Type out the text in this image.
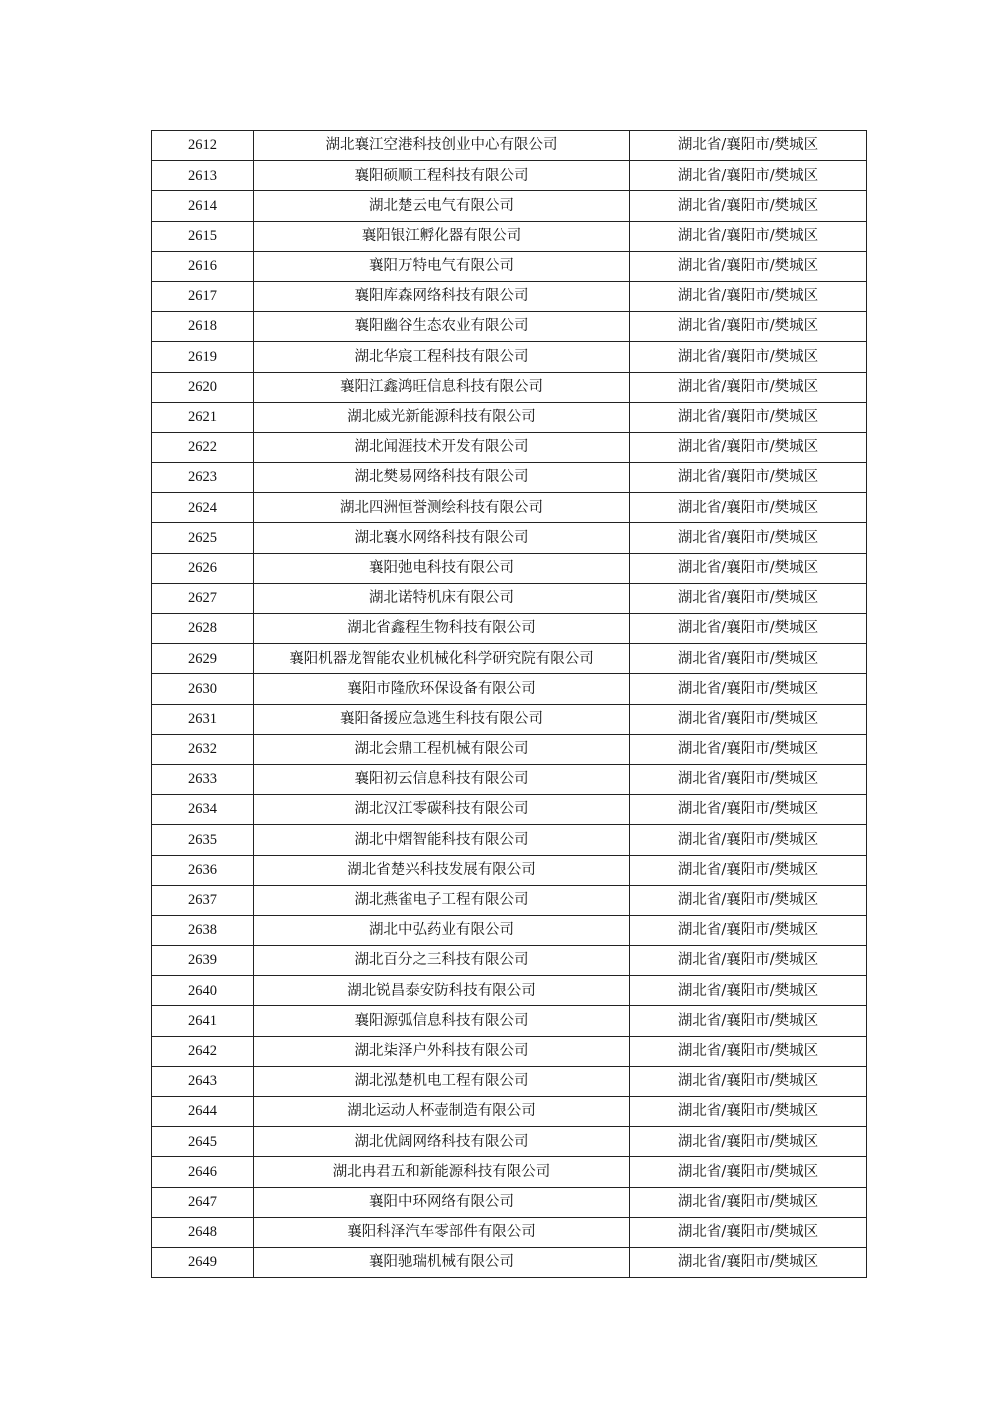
2612	湖北襄江空港科技创业中心有限公司	湖北省/襄阳市/樊城区
2613	襄阳硕顺工程科技有限公司	湖北省/襄阳市/樊城区
2614	湖北楚云电气有限公司	湖北省/襄阳市/樊城区
2615	襄阳银江孵化器有限公司	湖北省/襄阳市/樊城区
2616	襄阳万特电气有限公司	湖北省/襄阳市/樊城区
2617	襄阳库森网络科技有限公司	湖北省/襄阳市/樊城区
2618	襄阳幽谷生态农业有限公司	湖北省/襄阳市/樊城区
2619	湖北华宸工程科技有限公司	湖北省/襄阳市/樊城区
2620	襄阳江鑫鸿旺信息科技有限公司	湖北省/襄阳市/樊城区
2621	湖北威光新能源科技有限公司	湖北省/襄阳市/樊城区
2622	湖北闻涯技术开发有限公司	湖北省/襄阳市/樊城区
2623	湖北樊易网络科技有限公司	湖北省/襄阳市/樊城区
2624	湖北四洲恒誉测绘科技有限公司	湖北省/襄阳市/樊城区
2625	湖北襄水网络科技有限公司	湖北省/襄阳市/樊城区
2626	襄阳弛电科技有限公司	湖北省/襄阳市/樊城区
2627	湖北诺特机床有限公司	湖北省/襄阳市/樊城区
2628	湖北省鑫程生物科技有限公司	湖北省/襄阳市/樊城区
2629	襄阳机器龙智能农业机械化科学研究院有限公司	湖北省/襄阳市/樊城区
2630	襄阳市隆欣环保设备有限公司	湖北省/襄阳市/樊城区
2631	襄阳备援应急逃生科技有限公司	湖北省/襄阳市/樊城区
2632	湖北会鼎工程机械有限公司	湖北省/襄阳市/樊城区
2633	襄阳初云信息科技有限公司	湖北省/襄阳市/樊城区
2634	湖北汉江零碳科技有限公司	湖北省/襄阳市/樊城区
2635	湖北中熠智能科技有限公司	湖北省/襄阳市/樊城区
2636	湖北省楚兴科技发展有限公司	湖北省/襄阳市/樊城区
2637	湖北燕雀电子工程有限公司	湖北省/襄阳市/樊城区
2638	湖北中弘药业有限公司	湖北省/襄阳市/樊城区
2639	湖北百分之三科技有限公司	湖北省/襄阳市/樊城区
2640	湖北锐昌泰安防科技有限公司	湖北省/襄阳市/樊城区
2641	襄阳源弧信息科技有限公司	湖北省/襄阳市/樊城区
2642	湖北柒泽户外科技有限公司	湖北省/襄阳市/樊城区
2643	湖北泓楚机电工程有限公司	湖北省/襄阳市/樊城区
2644	湖北运动人杯壶制造有限公司	湖北省/襄阳市/樊城区
2645	湖北优阔网络科技有限公司	湖北省/襄阳市/樊城区
2646	湖北冉君五和新能源科技有限公司	湖北省/襄阳市/樊城区
2647	襄阳中环网络有限公司	湖北省/襄阳市/樊城区
2648	襄阳科泽汽车零部件有限公司	湖北省/襄阳市/樊城区
2649	襄阳驰瑞机械有限公司	湖北省/襄阳市/樊城区
